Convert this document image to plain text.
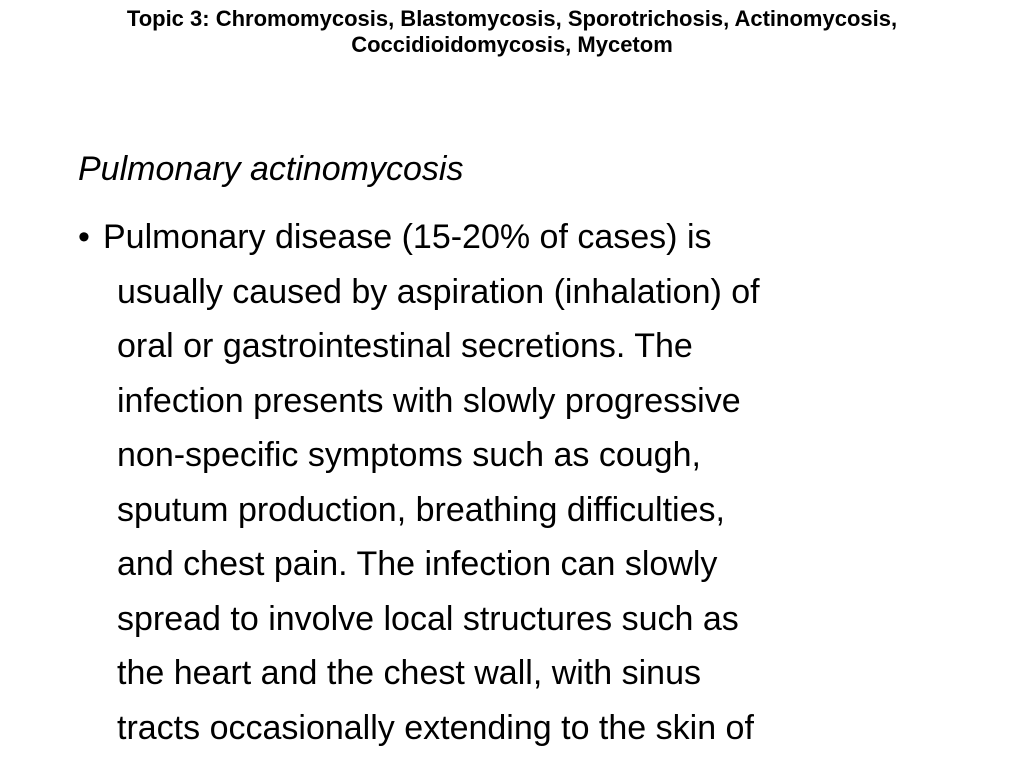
Topic 3: Chromomycosis, Blastomycosis, Sporotrichosis, Actinomycosis,
Coccidioidomycosis, Mycetom
Pulmonary actinomycosis
• Pulmonary disease (15-20% of cases) is
usually caused by aspiration (inhalation) of
oral or gastrointestinal secretions. The
infection presents with slowly progressive
non-specific symptoms such as cough,
sputum production, breathing difficulties,
and chest pain. The infection can slowly
spread to involve local structures such as
the heart and the chest wall, with sinus
tracts occasionally extending to the skin of
